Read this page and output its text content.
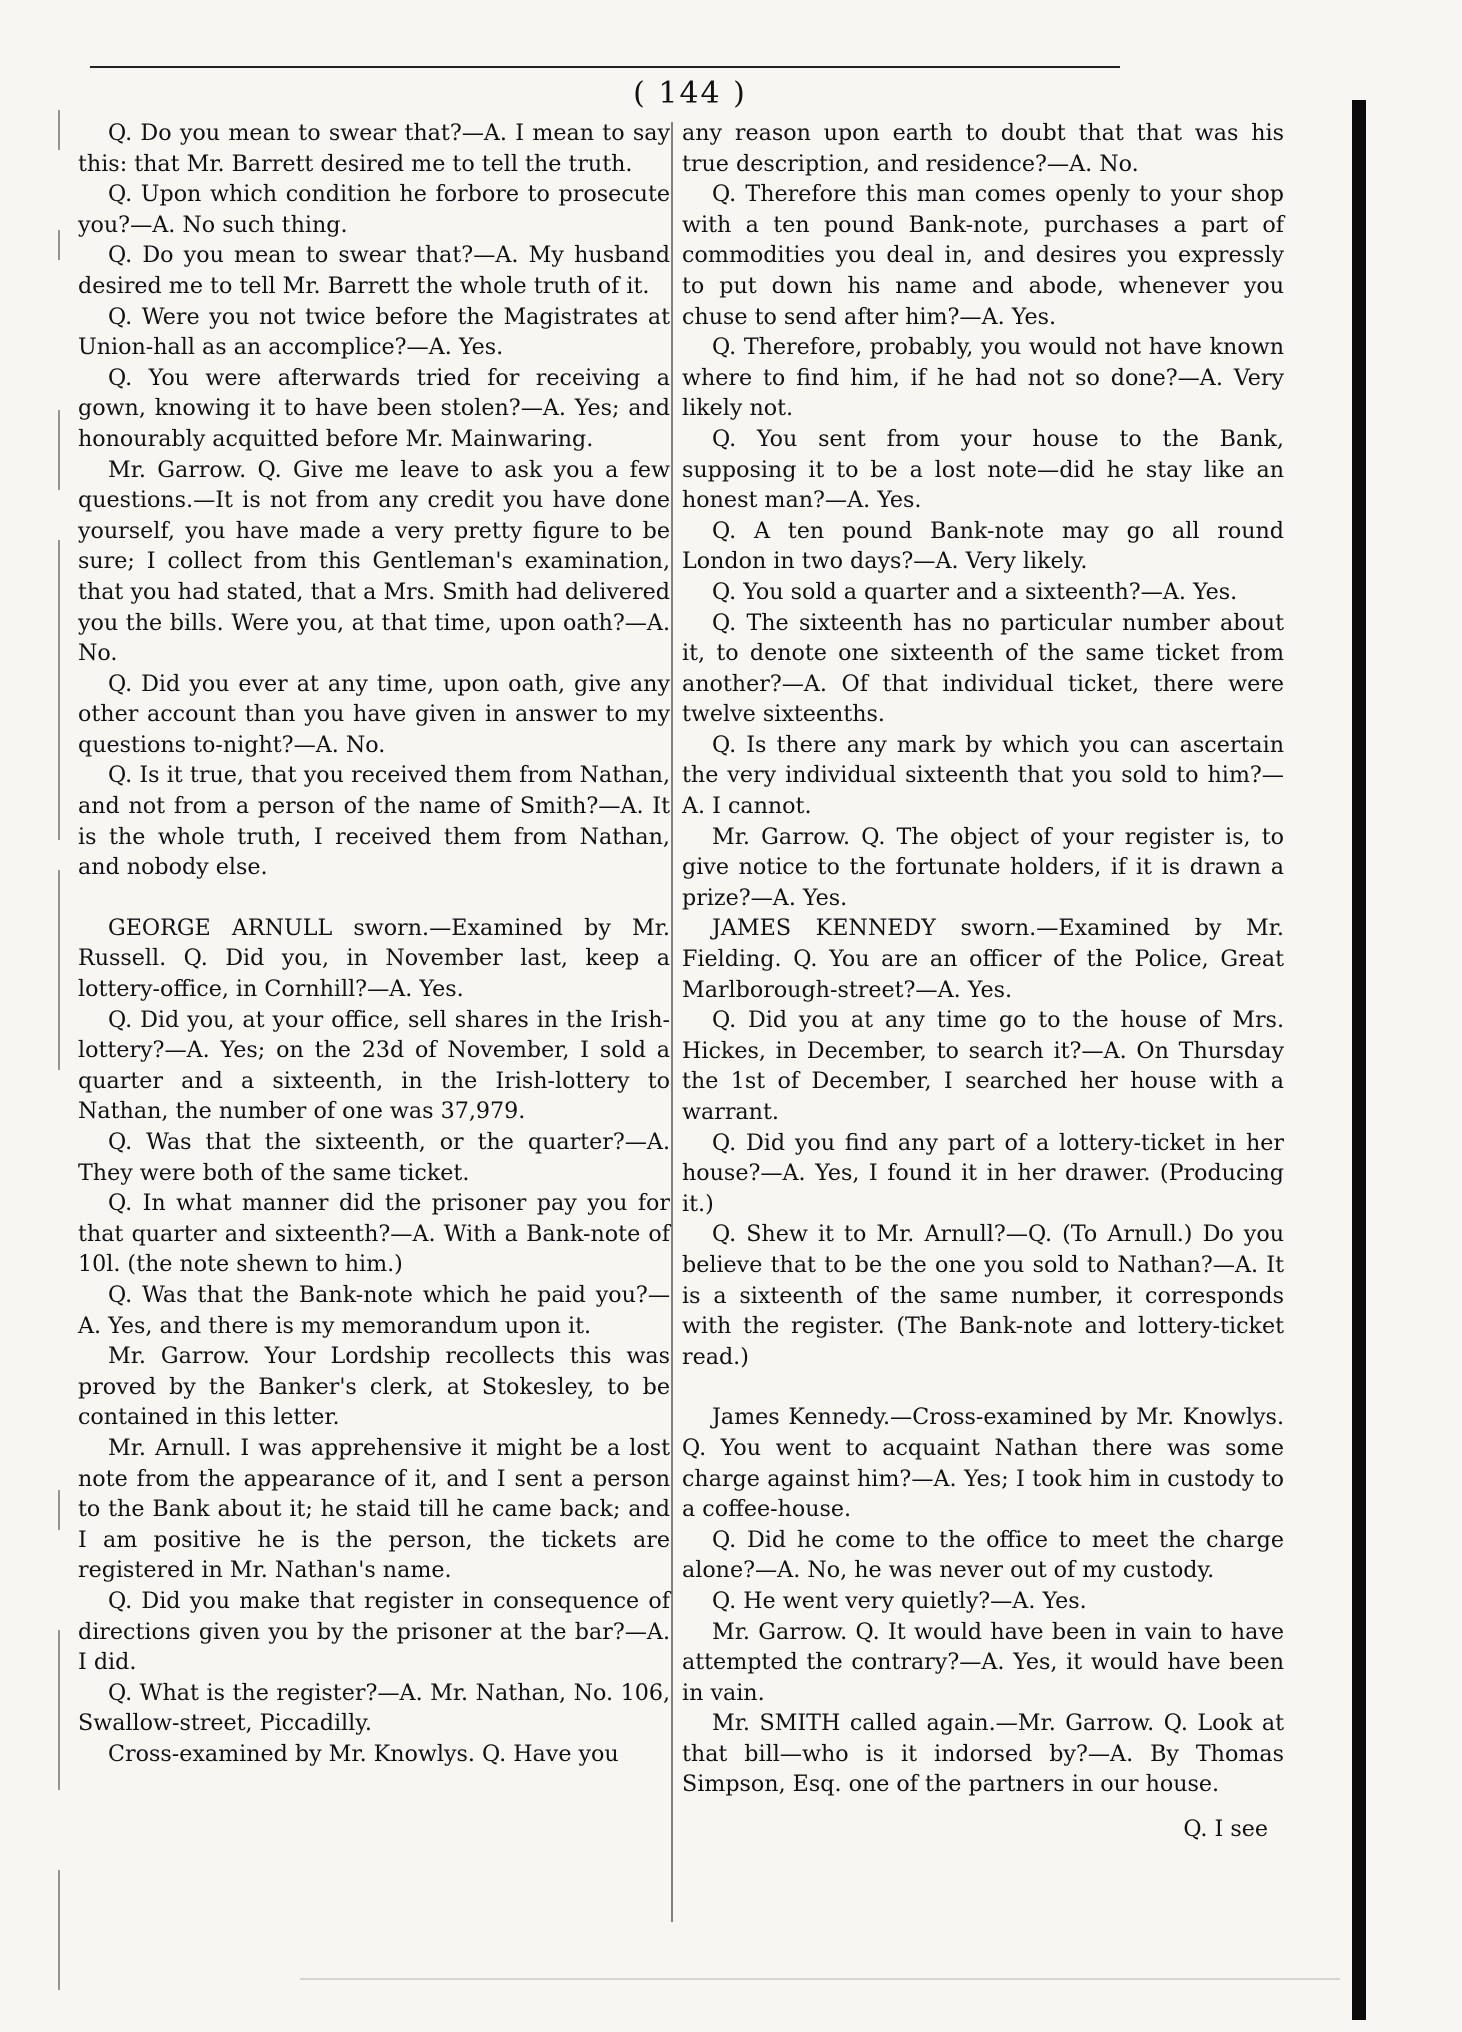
( 144 )

Q. Do you mean to swear that?—A. I mean to say this: that Mr. Barrett desired me to tell the truth.

Q. Upon which condition he forbore to prosecute you?—A. No such thing.

Q. Do you mean to swear that?—A. My husband desired me to tell Mr. Barrett the whole truth of it.

Q. Were you not twice before the Magistrates at Union-hall as an accomplice?—A. Yes.

Q. You were afterwards tried for receiving a gown, knowing it to have been stolen?—A. Yes; and honourably acquitted before Mr. Mainwaring.

Mr. Garrow. Q. Give me leave to ask you a few questions.—It is not from any credit you have done yourself, you have made a very pretty figure to be sure; I collect from this Gentleman's examination, that you had stated, that a Mrs. Smith had delivered you the bills. Were you, at that time, upon oath?—A. No.

Q. Did you ever at any time, upon oath, give any other account than you have given in answer to my questions to-night?—A. No.

Q. Is it true, that you received them from Nathan, and not from a person of the name of Smith?—A. It is the whole truth, I received them from Nathan, and nobody else.

GEORGE ARNULL sworn.—Examined by Mr. Russell. Q. Did you, in November last, keep a lottery-office, in Cornhill?—A. Yes.

Q. Did you, at your office, sell shares in the Irish-lottery?—A. Yes; on the 23d of November, I sold a quarter and a sixteenth, in the Irish-lottery to Nathan, the number of one was 37,979.

Q. Was that the sixteenth, or the quarter?—A. They were both of the same ticket.

Q. In what manner did the prisoner pay you for that quarter and sixteenth?—A. With a Bank-note of 10l. (the note shewn to him.)

Q. Was that the Bank-note which he paid you?—A. Yes, and there is my memorandum upon it.

Mr. Garrow. Your Lordship recollects this was proved by the Banker's clerk, at Stokesley, to be contained in this letter.

Mr. Arnull. I was apprehensive it might be a lost note from the appearance of it, and I sent a person to the Bank about it; he staid till he came back; and I am positive he is the person, the tickets are registered in Mr. Nathan's name.

Q. Did you make that register in consequence of directions given you by the prisoner at the bar?—A. I did.

Q. What is the register?—A. Mr. Nathan, No. 106, Swallow-street, Piccadilly.

Cross-examined by Mr. Knowlys. Q. Have you

any reason upon earth to doubt that that was his true description, and residence?—A. No.

Q. Therefore this man comes openly to your shop with a ten pound Bank-note, purchases a part of commodities you deal in, and desires you expressly to put down his name and abode, whenever you chuse to send after him?—A. Yes.

Q. Therefore, probably, you would not have known where to find him, if he had not so done?—A. Very likely not.

Q. You sent from your house to the Bank, supposing it to be a lost note—did he stay like an honest man?—A. Yes.

Q. A ten pound Bank-note may go all round London in two days?—A. Very likely.

Q. You sold a quarter and a sixteenth?—A. Yes.

Q. The sixteenth has no particular number about it, to denote one sixteenth of the same ticket from another?—A. Of that individual ticket, there were twelve sixteenths.

Q. Is there any mark by which you can ascertain the very individual sixteenth that you sold to him?—A. I cannot.

Mr. Garrow. Q. The object of your register is, to give notice to the fortunate holders, if it is drawn a prize?—A. Yes.

JAMES KENNEDY sworn.—Examined by Mr. Fielding. Q. You are an officer of the Police, Great Marlborough-street?—A. Yes.

Q. Did you at any time go to the house of Mrs. Hickes, in December, to search it?—A. On Thursday the 1st of December, I searched her house with a warrant.

Q. Did you find any part of a lottery-ticket in her house?—A. Yes, I found it in her drawer. (Producing it.)

Q. Shew it to Mr. Arnull?—Q. (To Arnull.) Do you believe that to be the one you sold to Nathan?—A. It is a sixteenth of the same number, it corresponds with the register. (The Bank-note and lottery-ticket read.)

James Kennedy.—Cross-examined by Mr. Knowlys. Q. You went to acquaint Nathan there was some charge against him?—A. Yes; I took him in custody to a coffee-house.

Q. Did he come to the office to meet the charge alone?—A. No, he was never out of my custody.

Q. He went very quietly?—A. Yes.

Mr. Garrow. Q. It would have been in vain to have attempted the contrary?—A. Yes, it would have been in vain.

Mr. SMITH called again.—Mr. Garrow. Q. Look at that bill—who is it indorsed by?—A. By Thomas Simpson, Esq. one of the partners in our house.

Q. I see
